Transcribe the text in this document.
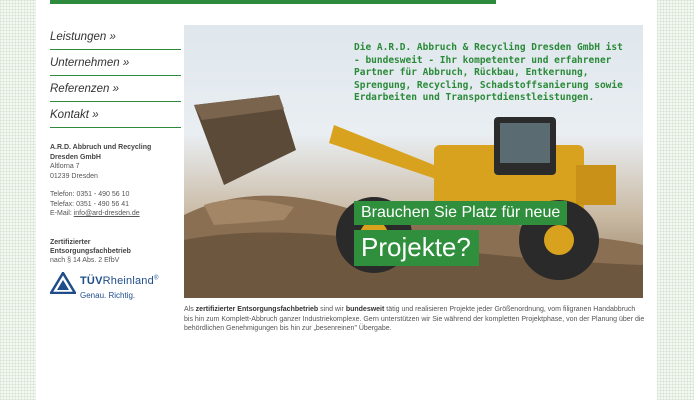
Leistungen »
Unternehmen »
Referenzen »
Kontakt »
A.R.D. Abbruch und Recycling
Dresden GmbH
Altlorna 7
01239 Dresden
Telefon: 0351 - 490 56 10
Telefax: 0351 - 490 56 41
E-Mail: info@ard-dresden.de
Zertifizierter
Entsorgungsfachbetrieb
nach § 14 Abs. 2 EfbV
TÜVRheinland®
Genau. Richtig.
Die A.R.D. Abbruch & Recycling Dresden GmbH ist - bundesweit - Ihr kompetenter und erfahrener Partner für Abbruch, Rückbau, Entkernung, Sprengung, Recycling, Schadstoffsanierung sowie Erdarbeiten und Transportdienstleistungen.
Brauchen Sie Platz für neue
Projekte?

Als zertifizierter Entsorgungsfachbetrieb sind wir bundesweit tätig und realisieren Projekte jeder Größenordnung, vom filigranen Handabbruch bis hin zum Komplett-Abbruch ganzer Industriekomplexe. Gern unterstützen wir Sie während der kompletten Projektphase, von der Planung über die behördlichen Genehmigungen bis hin zur „besenreinen" Übergabe.
